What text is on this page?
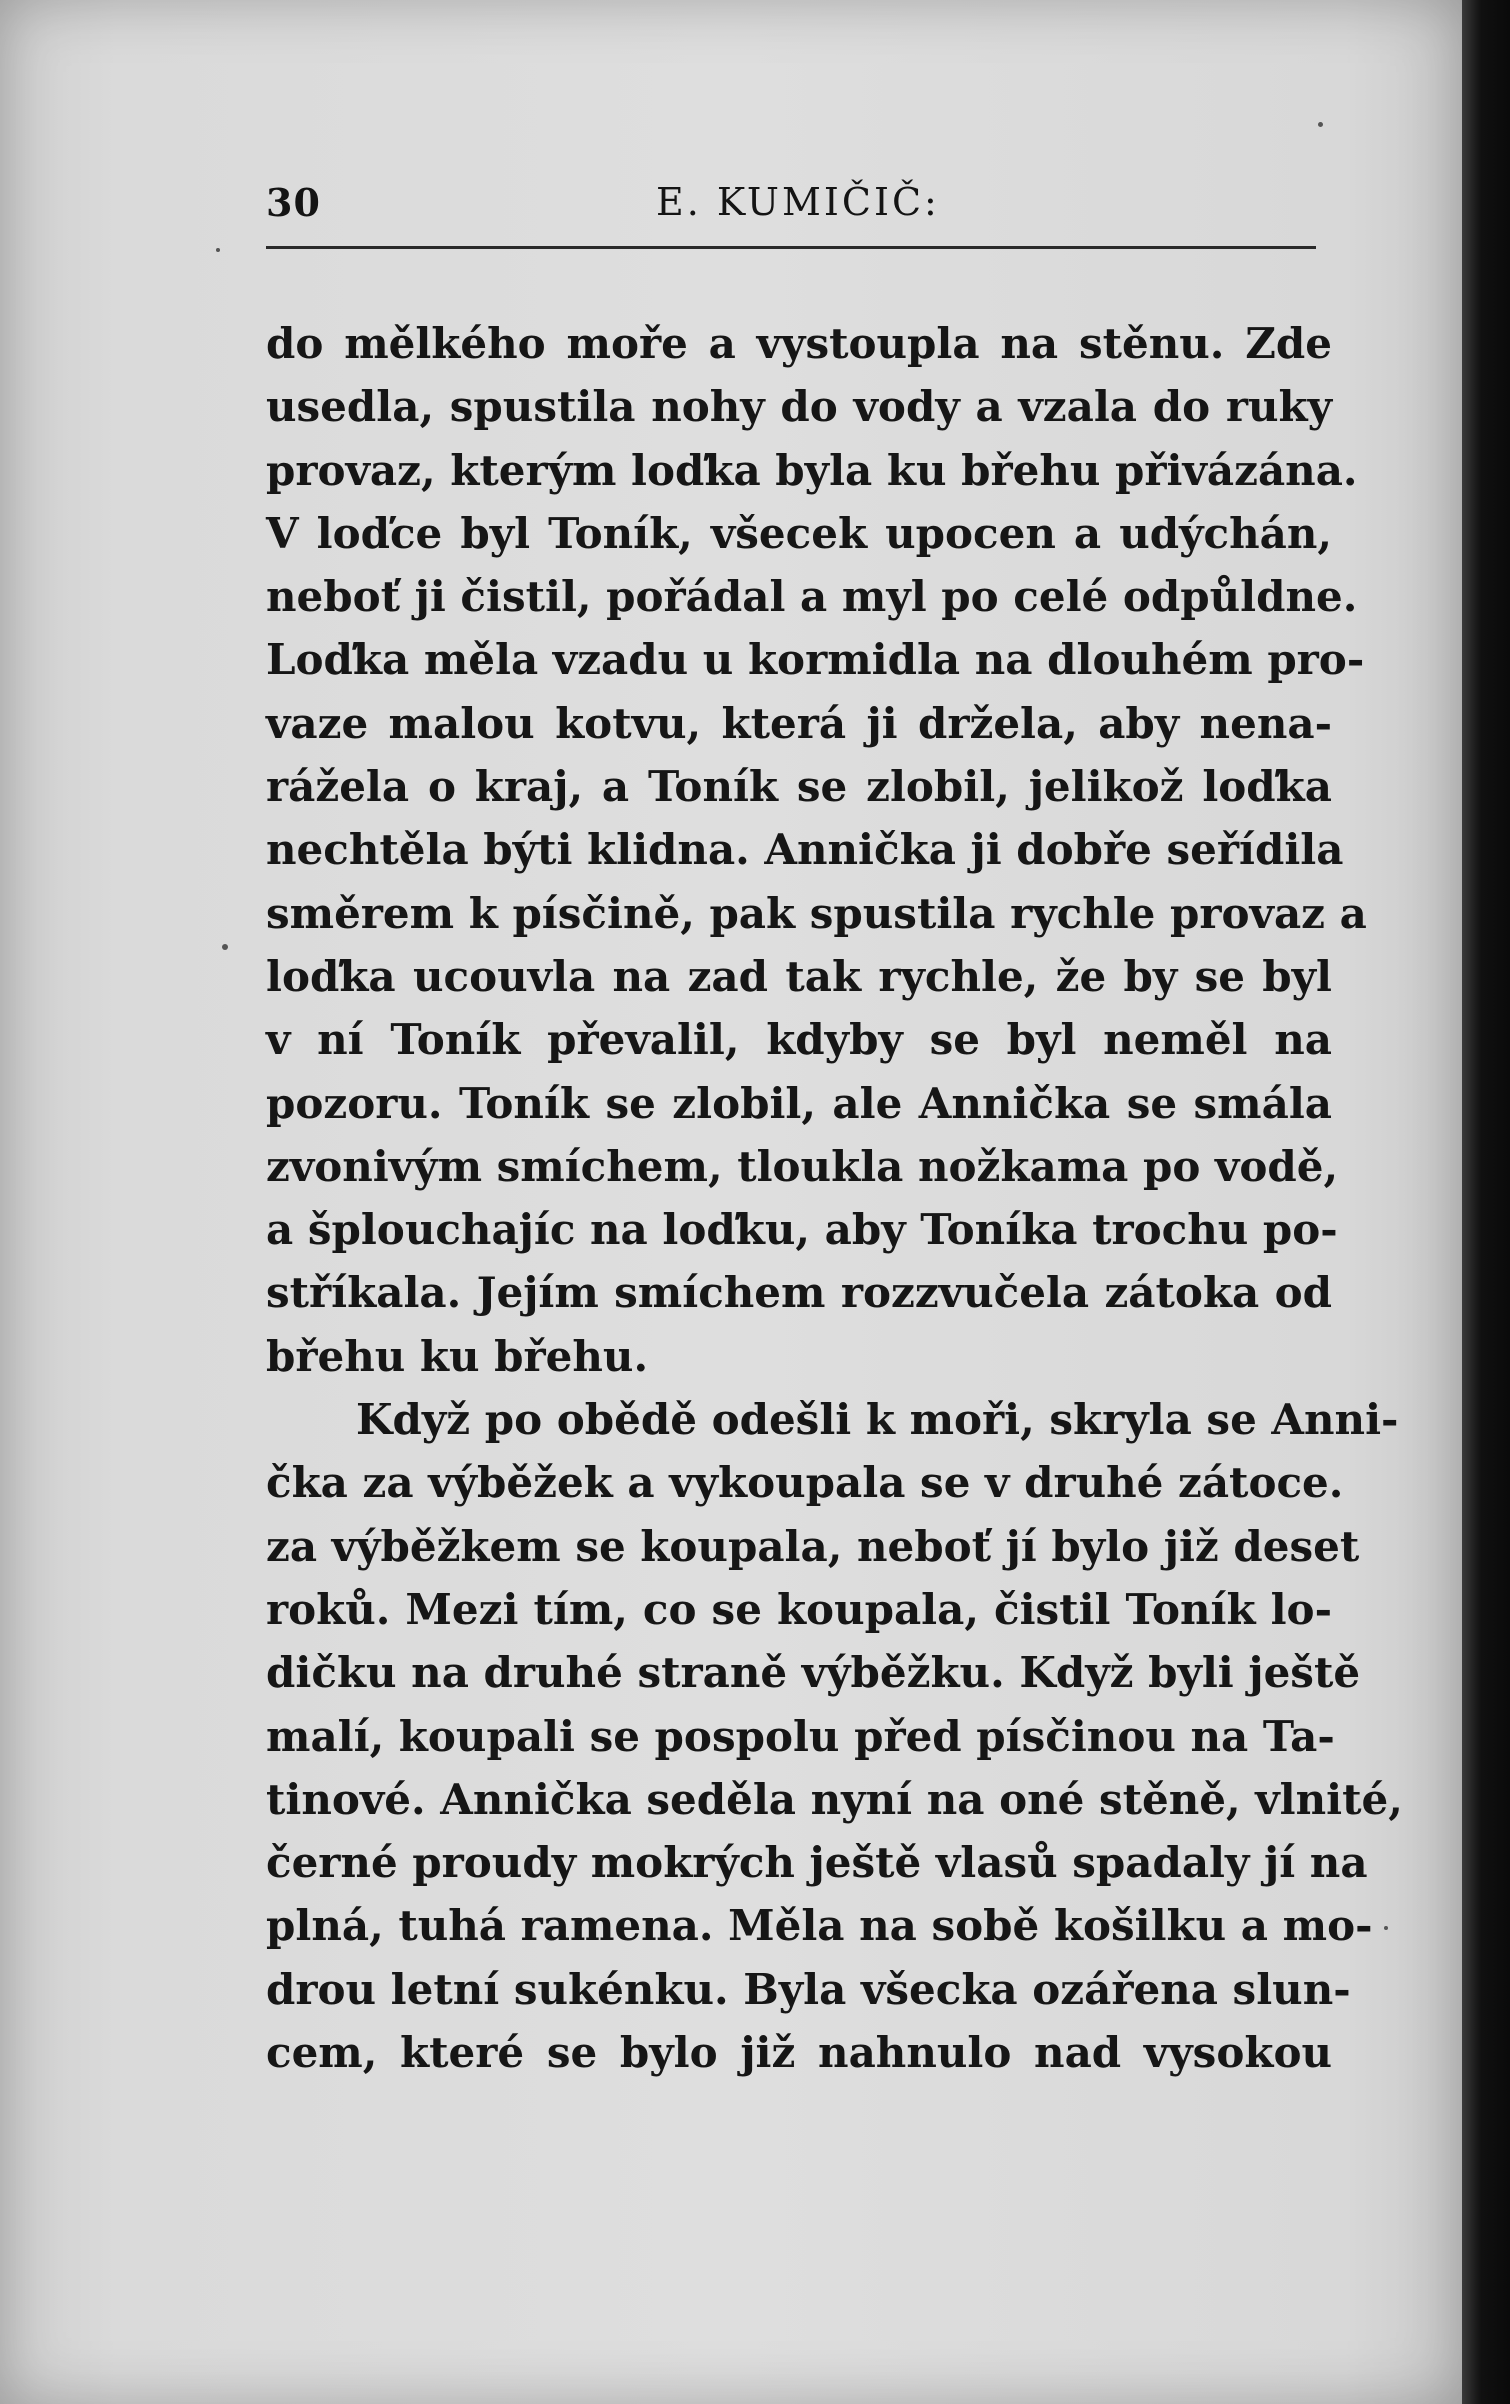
30	E. KUMIČIČ:
do mělkého moře a vystoupla na stěnu. Zde
usedla, spustila nohy do vody a vzala do ruky
provaz, kterým loďka byla ku břehu přivázána.
V loďce byl Toník, všecek upocen a udýchán,
neboť ji čistil, pořádal a myl po celé odpůldne.
Loďka měla vzadu u kormidla na dlouhém pro-
vaze malou kotvu, která ji držela, aby nena-
rážela o kraj, a Toník se zlobil, jelikož loďka
nechtěla býti klidna. Annička ji dobře seřídila
směrem k písčině, pak spustila rychle provaz a
loďka ucouvla na zad tak rychle, že by se byl
v ní Toník převalil, kdyby se byl neměl na
pozoru. Toník se zlobil, ale Annička se smála
zvonivým smíchem, tloukla nožkama po vodě,
a šplouchajíc na loďku, aby Toníka trochu po-
stříkala. Jejím smíchem rozzvučela zátoka od
břehu ku břehu.
Když po obědě odešli k moři, skryla se Anni-
čka za výběžek a vykoupala se v druhé zátoce.
za výběžkem se koupala, neboť jí bylo již deset
roků. Mezi tím, co se koupala, čistil Toník lo-
dičku na druhé straně výběžku. Když byli ještě
malí, koupali se pospolu před písčinou na Ta-
tinové. Annička seděla nyní na oné stěně, vlnité,
černé proudy mokrých ještě vlasů spadaly jí na
plná, tuhá ramena. Měla na sobě košilku a mo-
drou letní sukénku. Byla všecka ozářena slun-
cem, které se bylo již nahnulo nad vysokou
